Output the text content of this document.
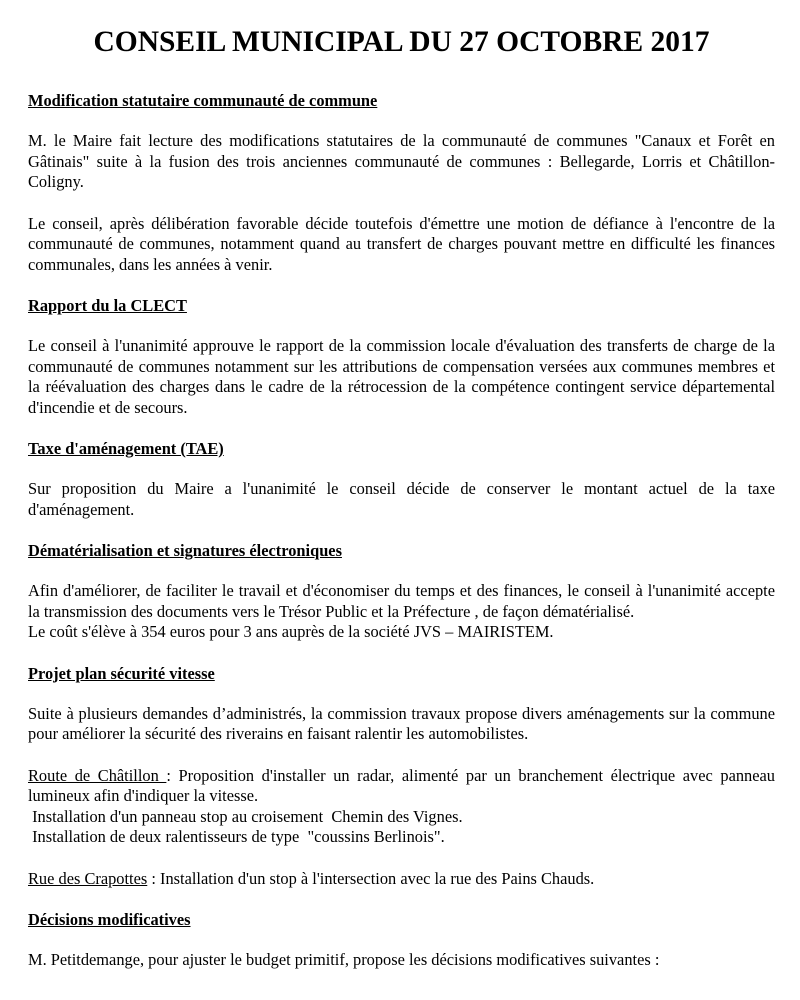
CONSEIL MUNICIPAL DU 27 OCTOBRE 2017
Modification statutaire communauté de commune
M. le Maire fait lecture des modifications statutaires de la communauté de communes "Canaux et Forêt en Gâtinais" suite à la fusion des trois anciennes communauté de communes : Bellegarde, Lorris et Châtillon-Coligny.
Le conseil, après délibération favorable décide toutefois d'émettre une motion de défiance à l'encontre de la communauté de communes, notamment quand au transfert de charges pouvant mettre en difficulté les finances communales, dans les années à venir.
Rapport du la CLECT
Le conseil à l'unanimité approuve le rapport de la commission locale d'évaluation des transferts de charge de la communauté de communes notamment sur les attributions de compensation versées aux communes membres et la réévaluation des charges dans le cadre de la rétrocession de la compétence contingent service départemental d'incendie et de secours.
Taxe d'aménagement (TAE)
Sur proposition du Maire a l'unanimité le conseil décide de conserver le montant actuel de la taxe d'aménagement.
Dématérialisation et signatures électroniques
Afin d'améliorer, de faciliter le travail et d'économiser du temps et des finances, le conseil à l'unanimité accepte la transmission des documents vers le Trésor Public et la Préfecture , de façon dématérialisé.
Le coût s'élève à 354 euros pour 3 ans auprès de la société JVS – MAIRISTEM.
Projet plan sécurité vitesse
Suite à plusieurs demandes d’administrés, la commission travaux propose divers aménagements sur la commune pour améliorer la sécurité des riverains en faisant ralentir les automobilistes.
Route de Châtillon : Proposition d'installer un radar, alimenté par un branchement électrique avec panneau lumineux afin d'indiquer la vitesse.
Installation d'un panneau stop au croisement  Chemin des Vignes.
Installation de deux ralentisseurs de type  "coussins Berlinois".
Rue des Crapottes : Installation d'un stop à l'intersection avec la rue des Pains Chauds.
Décisions modificatives
M. Petitdemange, pour ajuster le budget primitif, propose les décisions modificatives suivantes :
